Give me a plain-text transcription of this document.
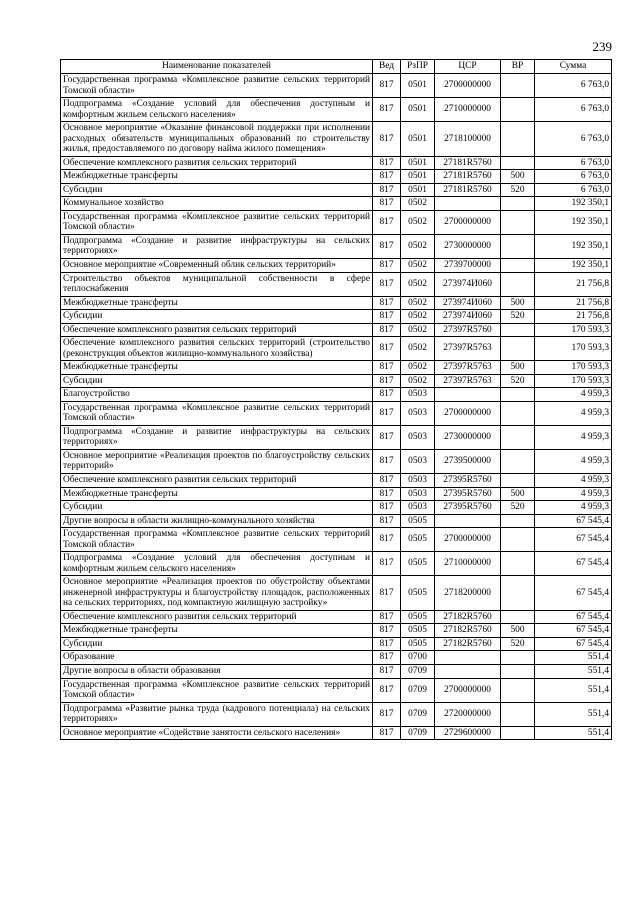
239
Наименование показателей	Вед	РзПР	ЦСР	ВР	Сумма
Государственная программа «Комплексное развитие сельских территорий Томской области»	817	0501	2700000000		6 763,0
Подпрограмма «Создание условий для обеспечения доступным и комфортным жильем сельского населения»	817	0501	2710000000		6 763,0
Основное мероприятие «Оказание финансовой поддержки при исполнении расходных обязательств муниципальных образований по строительству жилья, предоставляемого по договору найма жилого помещения»	817	0501	2718100000		6 763,0
Обеспечение комплексного развития сельских территорий	817	0501	27181R5760		6 763,0
Межбюджетные трансферты	817	0501	27181R5760	500	6 763,0
Субсидии	817	0501	27181R5760	520	6 763,0
Коммунальное хозяйство	817	0502			192 350,1
Государственная программа «Комплексное развитие сельских территорий Томской области»	817	0502	2700000000		192 350,1
Подпрограмма «Создание и развитие инфраструктуры на сельских территориях»	817	0502	2730000000		192 350,1
Основное мероприятие «Современный облик сельских территорий»	817	0502	2739700000		192 350,1
Строительство объектов муниципальной собственности в сфере теплоснабжения	817	0502	273974И060		21 756,8
Межбюджетные трансферты	817	0502	273974И060	500	21 756,8
Субсидии	817	0502	273974И060	520	21 756,8
Обеспечение комплексного развития сельских территорий	817	0502	27397R5760		170 593,3
Обеспечение комплексного развития сельских территорий (строительство (реконструкция объектов жилищно-коммунального хозяйства)	817	0502	27397R5763		170 593,3
Межбюджетные трансферты	817	0502	27397R5763	500	170 593,3
Субсидии	817	0502	27397R5763	520	170 593,3
Благоустройство	817	0503			4 959,3
Государственная программа «Комплексное развитие сельских территорий Томской области»	817	0503	2700000000		4 959,3
Подпрограмма «Создание и развитие инфраструктуры на сельских территориях»	817	0503	2730000000		4 959,3
Основное мероприятие «Реализация проектов по благоустройству сельских территорий»	817	0503	2739500000		4 959,3
Обеспечение комплексного развития сельских территорий	817	0503	27395R5760		4 959,3
Межбюджетные трансферты	817	0503	27395R5760	500	4 959,3
Субсидии	817	0503	27395R5760	520	4 959,3
Другие вопросы в области жилищно-коммунального хозяйства	817	0505			67 545,4
Государственная программа «Комплексное развитие сельских территорий Томской области»	817	0505	2700000000		67 545,4
Подпрограмма «Создание условий для обеспечения доступным и комфортным жильем сельского населения»	817	0505	2710000000		67 545,4
Основное мероприятие «Реализация проектов по обустройству объектами инженерной инфраструктуры и благоустройству площадок, расположенных на сельских территориях, под компактную жилищную застройку»	817	0505	2718200000		67 545,4
Обеспечение комплексного развития сельских территорий	817	0505	27182R5760		67 545,4
Межбюджетные трансферты	817	0505	27182R5760	500	67 545,4
Субсидии	817	0505	27182R5760	520	67 545,4
Образование	817	0700			551,4
Другие вопросы в области образования	817	0709			551,4
Государственная программа «Комплексное развитие сельских территорий Томской области»	817	0709	2700000000		551,4
Подпрограмма «Развитие рынка труда (кадрового потенциала) на сельских территориях»	817	0709	2720000000		551,4
Основное мероприятие «Содействие занятости сельского населения»	817	0709	2729600000		551,4
